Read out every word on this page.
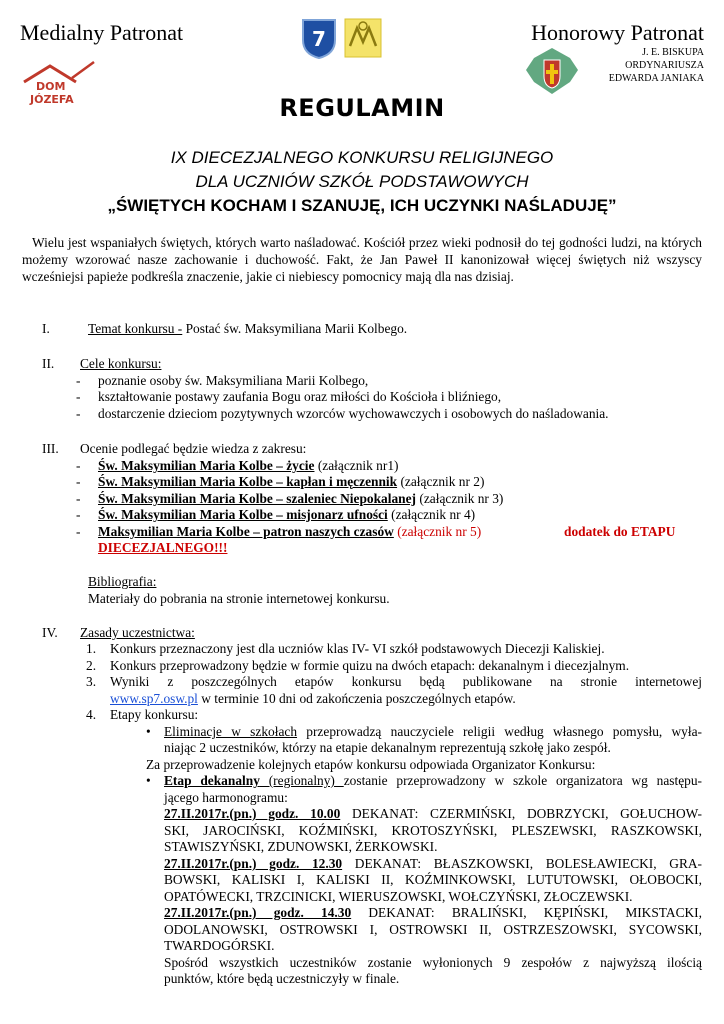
Medialny Patronat	Honorowy Patronat
J. E. BISKUPA
ORDYNARIUSZA
EDWARDA JANIAKA
DOM
JÓZEFA
7
REGULAMIN
IX DIECEZJALNEGO KONKURSU RELIGIJNEGO
DLA UCZNIÓW SZKÓŁ PODSTAWOWYCH
„ŚWIĘTYCH KOCHAM I SZANUJĘ, ICH UCZYNKI NAŚLADUJĘ”
Wielu jest wspaniałych świętych, których warto naśladować. Kościół przez wieki podnosił do tej godności ludzi, na których możemy wzorować nasze zachowanie i duchowość. Fakt, że Jan Paweł II kanonizował więcej świętych niż wszyscy wcześniejsi papieże podkreśla znaczenie, jakie ci niebiescy pomocnicy mają dla nas dzisiaj.
I.	Temat konkursu - Postać św. Maksymiliana Marii Kolbego.
II. Cele konkursu:
- poznanie osoby św. Maksymiliana Marii Kolbego,
- kształtowanie postawy zaufania Bogu oraz miłości do Kościoła i bliźniego,
- dostarczenie dzieciom pozytywnych wzorców wychowawczych i osobowych do naśladowania.
III. Ocenie podlegać będzie wiedza z zakresu:
- Św. Maksymilian Maria Kolbe – życie (załącznik nr1)
- Św. Maksymilian Maria Kolbe – kapłan i męczennik (załącznik nr 2)
- Św. Maksymilian Maria Kolbe – szaleniec Niepokalanej (załącznik nr 3)
- Św. Maksymilian Maria Kolbe – misjonarz ufności (załącznik nr 4)
- Maksymilian Maria Kolbe – patron naszych czasów (załącznik nr 5)	dodatek do ETAPU
DIECEZJALNEGO!!!
Bibliografia:
Materiały do pobrania na stronie internetowej konkursu.
IV. Zasady uczestnictwa:
1. Konkurs przeznaczony jest dla uczniów klas IV- VI szkół podstawowych Diecezji Kaliskiej.
2. Konkurs przeprowadzony będzie w formie quizu na dwóch etapach: dekanalnym i diecezjalnym.
3. Wyniki z poszczególnych etapów konkursu będą publikowane na stronie internetowej
www.sp7.osw.pl w terminie 10 dni od zakończenia poszczególnych etapów.
4. Etapy konkursu:
• Eliminacje w szkołach przeprowadzą nauczyciele religii według własnego pomysłu, wyła-
niając 2 uczestników, którzy na etapie dekanalnym reprezentują szkołę jako zespół.
Za przeprowadzenie kolejnych etapów konkursu odpowiada Organizator Konkursu:
• Etap dekanalny (regionalny) zostanie przeprowadzony w szkole organizatora wg następu-
jącego harmonogramu:
27.II.2017r.(pn.) godz. 10.00 DEKANAT: CZERMIŃSKI, DOBRZYCKI, GOŁUCHOW-
SKI, JAROCIŃSKI, KOŹMIŃSKI, KROTOSZYŃSKI, PLESZEWSKI, RASZKOWSKI,
STAWISZYŃSKI, ZDUNOWSKI, ŻERKOWSKI.
27.II.2017r.(pn.) godz. 12.30 DEKANAT: BŁASZKOWSKI, BOLESŁAWIECKI, GRA-
BOWSKI, KALISKI I, KALISKI II, KOŹMINKOWSKI, LUTUTOWSKI, OŁOBOCKI,
OPATÓWECKI, TRZCINICKI, WIERUSZOWSKI, WOŁCZYŃSKI, ZŁOCZEWSKI.
27.II.2017r.(pn.) godz. 14.30 DEKANAT: BRALIŃSKI, KĘPIŃSKI, MIKSTACKI,
ODOLANOWSKI, OSTROWSKI I, OSTROWSKI II, OSTRZESZOWSKI, SYCOWSKI,
TWARDOGÓRSKI.
Spośród wszystkich uczestników zostanie wyłonionych 9 zespołów z najwyższą ilością
punktów, które będą uczestniczyły w finale.
